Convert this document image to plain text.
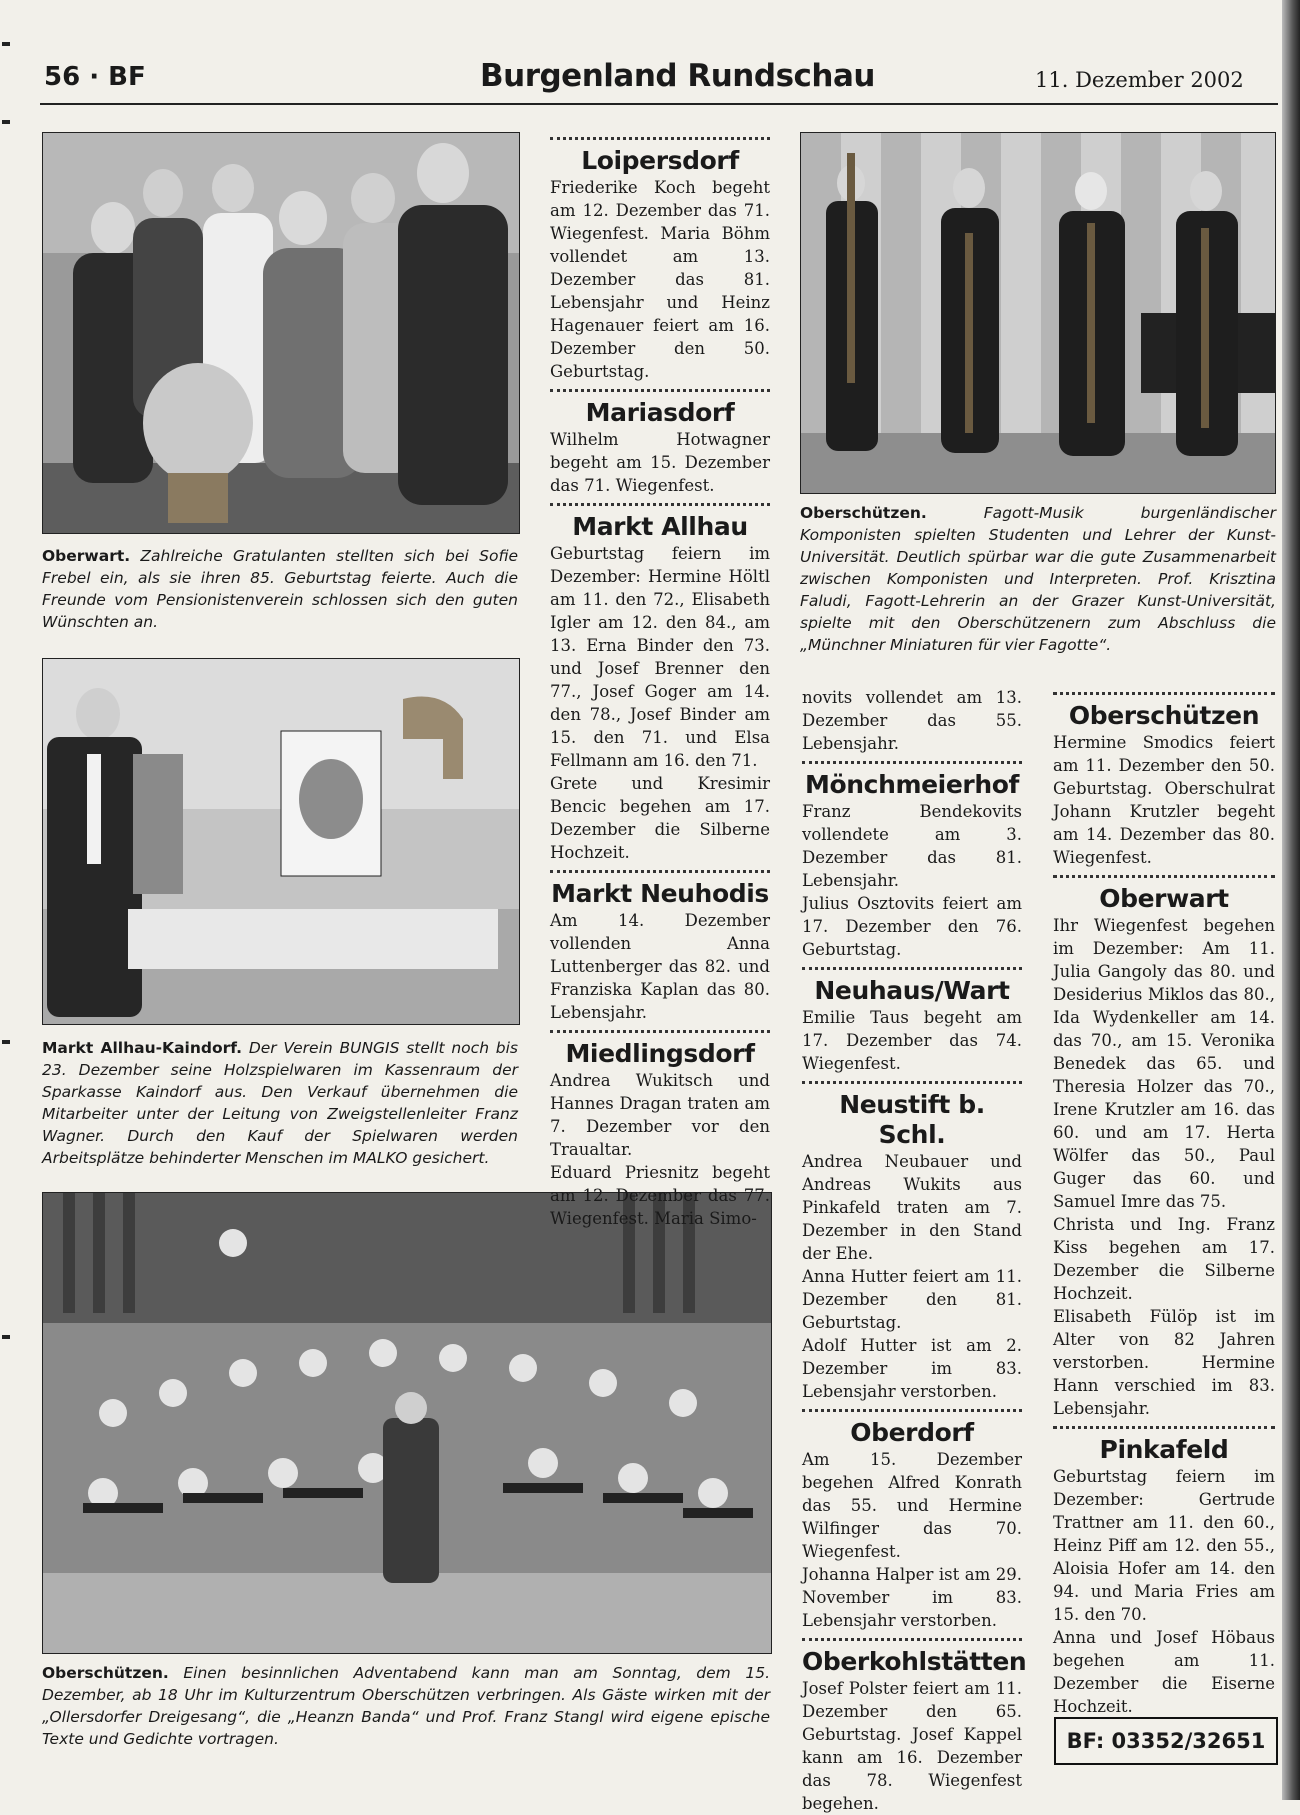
56 · BF	Burgenland Rundschau	11. Dezember 2002
Oberwart. Zahlreiche Gratulanten stellten sich bei Sofie Frebel ein, als sie ihren 85. Geburtstag feierte. Auch die Freunde vom Pensionistenverein schlossen sich den guten Wünschten an.
Markt Allhau-Kaindorf. Der Verein BUNGIS stellt noch bis 23. Dezember seine Holzspielwaren im Kassenraum der Sparkasse Kaindorf aus. Den Verkauf übernehmen die Mitarbeiter unter der Leitung von Zweigstellenleiter Franz Wagner. Durch den Kauf der Spielwaren werden Arbeitsplätze behinderter Menschen im MALKO gesichert.
Oberschützen. Fagott-Musik burgenländischer Komponisten spielten Studenten und Lehrer der Kunst-Universität. Deutlich spürbar war die gute Zusammenarbeit zwischen Komponisten und Interpreten. Prof. Krisztina Faludi, Fagott-Lehrerin an der Grazer Kunst-Universität, spielte mit den Oberschützenern zum Abschluss die „Münchner Miniaturen für vier Fagotte“.
Oberschützen. Einen besinnlichen Adventabend kann man am Sonntag, dem 15. Dezember, ab 18 Uhr im Kulturzentrum Oberschützen verbringen. Als Gäste wirken mit der „Ollersdorfer Dreigesang“, die „Heanzn Banda“ und Prof. Franz Stangl wird eigene epische Texte und Gedichte vortragen.
Loipersdorf

Friederike Koch begeht am 12. Dezember das 71. Wiegenfest. Maria Böhm vollendet am 13. Dezember das 81. Lebensjahr und Heinz Hagenauer feiert am 16. Dezember den 50. Geburtstag.

Mariasdorf

Wilhelm Hotwagner begeht am 15. Dezember das 71. Wiegenfest.

Markt Allhau

Geburtstag feiern im Dezember: Hermine Höltl am 11. den 72., Elisabeth Igler am 12. den 84., am 13. Erna Binder den 73. und Josef Brenner den 77., Josef Goger am 14. den 78., Josef Binder am 15. den 71. und Elsa Fellmann am 16. den 71.

Grete und Kresimir Bencic begehen am 17. Dezember die Silberne Hochzeit.

Markt Neuhodis

Am 14. Dezember vollenden Anna Luttenberger das 82. und Franziska Kaplan das 80. Lebensjahr.

Miedlingsdorf

Andrea Wukitsch und Hannes Dragan traten am 7. Dezember vor den Traualtar.

Eduard Priesnitz begeht am 12. Dezember das 77. Wiegenfest. Maria Simo-

novits vollendet am 13. Dezember das 55. Lebensjahr.

Mönchmeierhof

Franz Bendekovits vollendete am 3. Dezember das 81. Lebensjahr.

Julius Osztovits feiert am 17. Dezember den 76. Geburtstag.

Neuhaus/Wart

Emilie Taus begeht am 17. Dezember das 74. Wiegenfest.

Neustift b. Schl.

Andrea Neubauer und Andreas Wukits aus Pinkafeld traten am 7. Dezember in den Stand der Ehe.

Anna Hutter feiert am 11. Dezember den 81. Geburtstag.

Adolf Hutter ist am 2. Dezember im 83. Lebensjahr verstorben.

Oberdorf

Am 15. Dezember begehen Alfred Konrath das 55. und Hermine Wilfinger das 70. Wiegenfest.

Johanna Halper ist am 29. November im 83. Lebensjahr verstorben.

Oberkohlstätten

Josef Polster feiert am 11. Dezember den 65. Geburtstag. Josef Kappel kann am 16. Dezember das 78. Wiegenfest begehen.

Oberschützen

Hermine Smodics feiert am 11. Dezember den 50. Geburtstag. Oberschulrat Johann Krutzler begeht am 14. Dezember das 80. Wiegenfest.

Oberwart

Ihr Wiegenfest begehen im Dezember: Am 11. Julia Gangoly das 80. und Desiderius Miklos das 80., Ida Wydenkeller am 14. das 70., am 15. Veronika Benedek das 65. und Theresia Holzer das 70., Irene Krutzler am 16. das 60. und am 17. Herta Wölfer das 50., Paul Guger das 60. und Samuel Imre das 75.

Christa und Ing. Franz Kiss begehen am 17. Dezember die Silberne Hochzeit.

Elisabeth Fülöp ist im Alter von 82 Jahren verstorben. Hermine Hann verschied im 83. Lebensjahr.

Pinkafeld

Geburtstag feiern im Dezember: Gertrude Trattner am 11. den 60., Heinz Piff am 12. den 55., Aloisia Hofer am 14. den 94. und Maria Fries am 15. den 70.

Anna und Josef Höbaus begehen am 11. Dezember die Eiserne Hochzeit.

BF: 03352/32651
